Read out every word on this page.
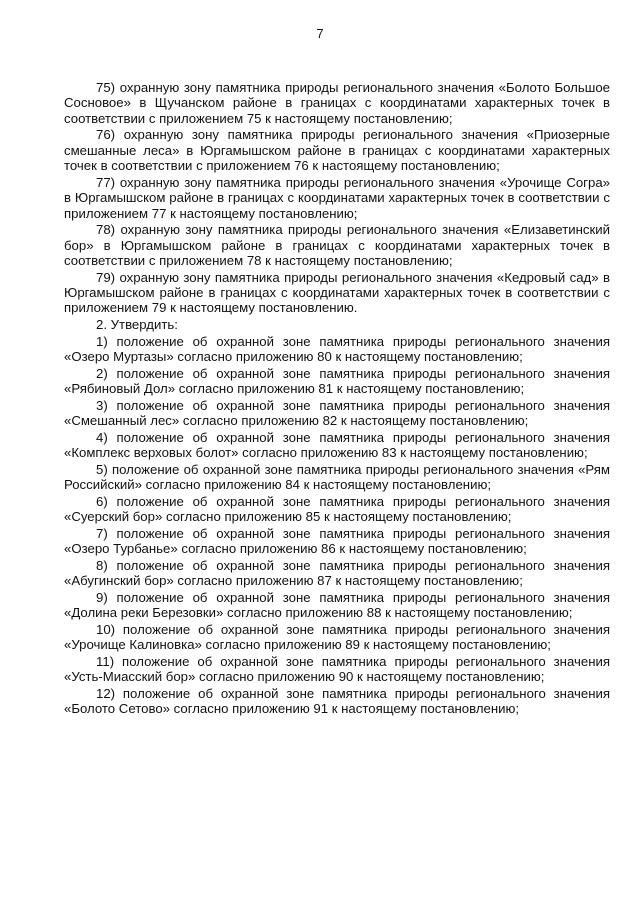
7

75) охранную зону памятника природы регионального значения «Болото Большое Сосновое» в Щучанском районе в границах с координатами характерных точек в соответствии с приложением 75 к настоящему постановлению;

76) охранную зону памятника природы регионального значения «Приозерные смешанные леса» в Юргамышском районе в границах с координатами характерных точек в соответствии с приложением 76 к настоящему постановлению;

77) охранную зону памятника природы регионального значения «Урочище Согра» в Юргамышском районе в границах с координатами характерных точек в соответствии с приложением 77 к настоящему постановлению;

78) охранную зону памятника природы регионального значения «Елизаветинский бор» в Юргамышском районе в границах с координатами характерных точек в соответствии с приложением 78 к настоящему постановлению;

79) охранную зону памятника природы регионального значения «Кедровый сад» в Юргамышском районе в границах с координатами характерных точек в соответствии с приложением 79 к настоящему постановлению.

2. Утвердить:

1) положение об охранной зоне памятника природы регионального значения «Озеро Муртазы» согласно приложению 80 к настоящему постановлению;

2) положение об охранной зоне памятника природы регионального значения «Рябиновый Дол» согласно приложению 81 к настоящему постановлению;

3) положение об охранной зоне памятника природы регионального значения «Смешанный лес» согласно приложению 82 к настоящему постановлению;

4) положение об охранной зоне памятника природы регионального значения «Комплекс верховых болот» согласно приложению 83 к настоящему постановлению;

5) положение об охранной зоне памятника природы регионального значения «Рям Российский» согласно приложению 84 к настоящему постановлению;

6) положение об охранной зоне памятника природы регионального значения «Суерский бор» согласно приложению 85 к настоящему постановлению;

7) положение об охранной зоне памятника природы регионального значения «Озеро Турбанье» согласно приложению 86 к настоящему постановлению;

8) положение об охранной зоне памятника природы регионального значения «Абугинский бор» согласно приложению 87 к настоящему постановлению;

9) положение об охранной зоне памятника природы регионального значения «Долина реки Березовки» согласно приложению 88 к настоящему постановлению;

10) положение об охранной зоне памятника природы регионального значения «Урочище Калиновка» согласно приложению 89 к настоящему постановлению;

11) положение об охранной зоне памятника природы регионального значения «Усть-Миасский бор» согласно приложению 90 к настоящему постановлению;

12) положение об охранной зоне памятника природы регионального значения «Болото Сетово» согласно приложению 91 к настоящему постановлению;
